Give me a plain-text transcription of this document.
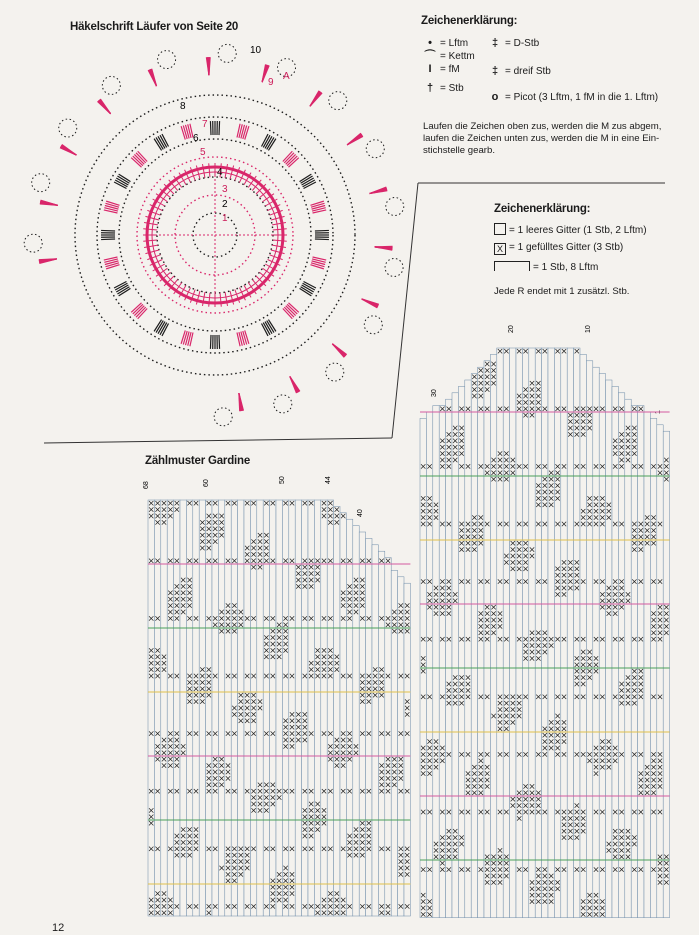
Häkelschrift Läufer von Seite 20
10
9
A
8
7
6
5
4
3
2
1
Zeichenerklärung:
• = Lftm
⌒ = Kettm
I = fM
† = Stb
‡ = D-Stb
‡ = dreif Stb
o = Picot (3 Lftm, 1 fM in die 1. Lftm)
Laufen die Zeichen oben zus, werden die M zus abgem,
laufen die Zeichen unten zus, werden die M in eine Ein-
stichstelle gearb.
Zeichenerklärung:
= 1 leeres Gitter (1 Stb, 2 Lftm)
X = 1 gefülltes Gitter (3 Stb)
= 1 Stb, 8 Lftm
Jede R endet mit 1 zusätzl. Stb.
Zählmuster Gardine
68	60	50	44
40
30
20	10
1
12
